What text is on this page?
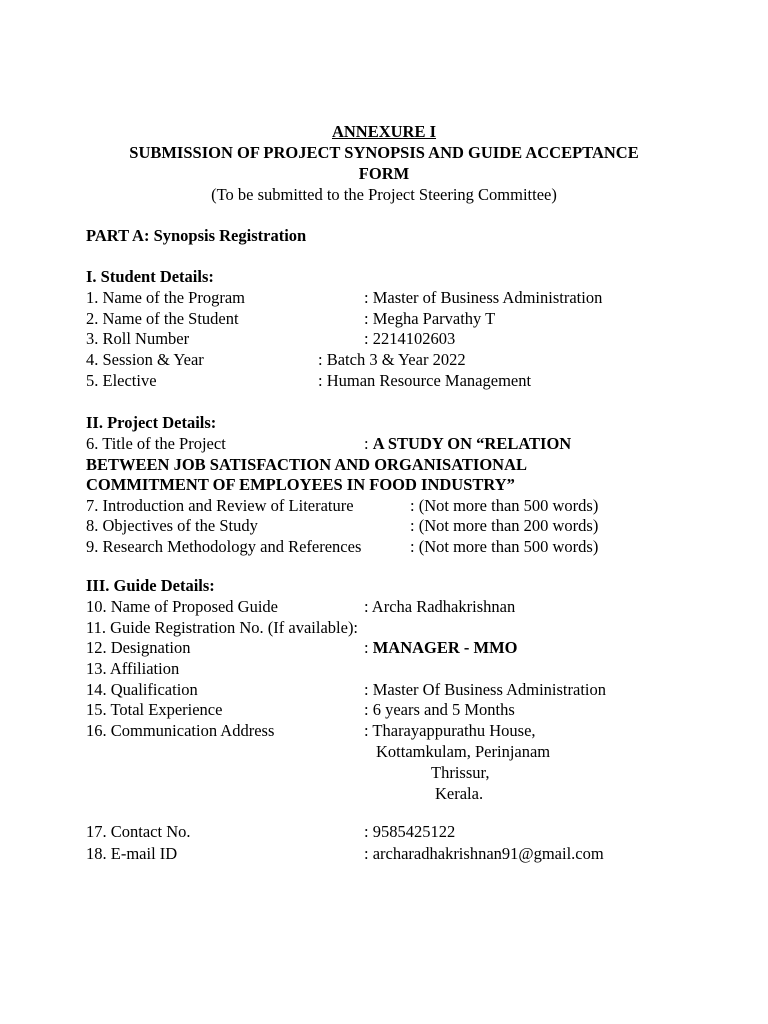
ANNEXURE I
SUBMISSION OF PROJECT SYNOPSIS AND GUIDE ACCEPTANCE
FORM
(To be submitted to the Project Steering Committee)
PART A: Synopsis Registration
I. Student Details:
1. Name of the Program	: Master of Business Administration
2. Name of the Student	: Megha Parvathy T
3. Roll Number	: 2214102603
4. Session & Year	: Batch 3 & Year 2022
5. Elective	: Human Resource Management
II. Project Details:
6. Title of the Project	: A STUDY ON “RELATION
BETWEEN JOB SATISFACTION AND ORGANISATIONAL
COMMITMENT OF EMPLOYEES IN FOOD INDUSTRY”
7. Introduction and Review of Literature	: (Not more than 500 words)
8. Objectives of the Study	: (Not more than 200 words)
9. Research Methodology and References	: (Not more than 500 words)
III. Guide Details:
10. Name of Proposed Guide	: Archa Radhakrishnan
11. Guide Registration No. (If available):
12. Designation	: MANAGER - MMO
13. Affiliation
14. Qualification	: Master Of Business Administration
15. Total Experience	: 6 years and 5 Months
16. Communication Address	: Tharayappurathu House,
Kottamkulam, Perinjanam
Thrissur,
Kerala.
17. Contact No.	: 9585425122
18. E-mail ID	: archaradhakrishnan91@gmail.com
